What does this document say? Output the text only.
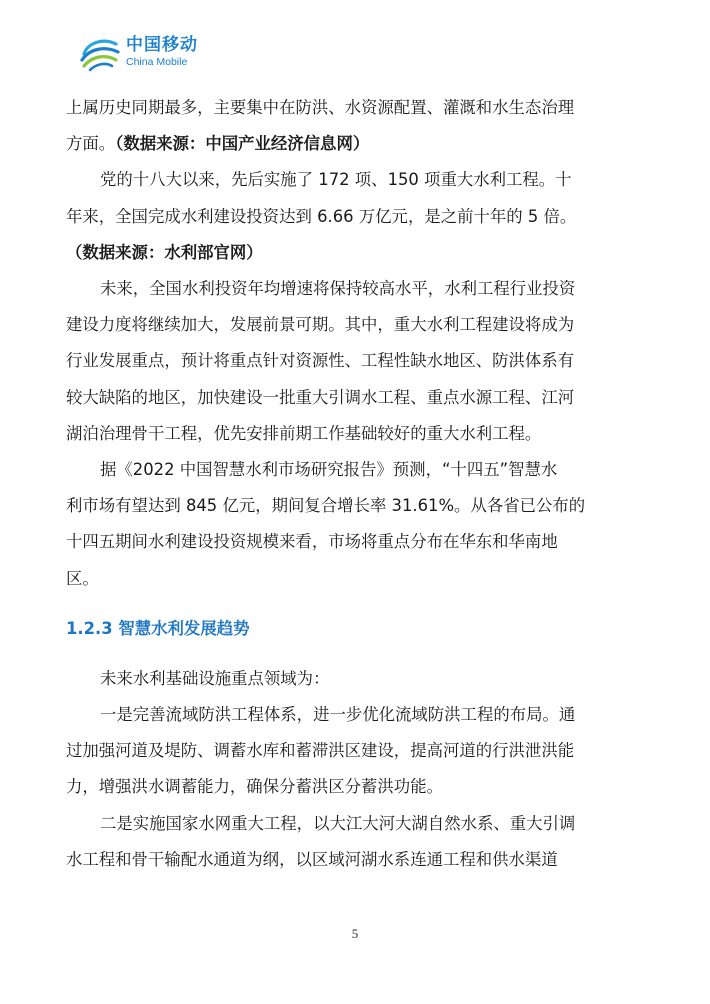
中国移动
China Mobile

上属历史同期最多，主要集中在防洪、水资源配置、灌溉和水生态治理

方面。（数据来源：中国产业经济信息网）

党的十八大以来，先后实施了 172 项、150 项重大水利工程。十

年来，全国完成水利建设投资达到 6.66 万亿元，是之前十年的 5 倍。

（数据来源：水利部官网）

未来，全国水利投资年均增速将保持较高水平，水利工程行业投资

建设力度将继续加大，发展前景可期。其中，重大水利工程建设将成为

行业发展重点，预计将重点针对资源性、工程性缺水地区、防洪体系有

较大缺陷的地区，加快建设一批重大引调水工程、重点水源工程、江河

湖泊治理骨干工程，优先安排前期工作基础较好的重大水利工程。

据《2022 中国智慧水利市场研究报告》预测，“十四五”智慧水

利市场有望达到 845 亿元，期间复合增长率 31.61%。从各省已公布的

十四五期间水利建设投资规模来看，市场将重点分布在华东和华南地

区。

1.2.3 智慧水利发展趋势

未来水利基础设施重点领域为：

一是完善流域防洪工程体系，进一步优化流域防洪工程的布局。通

过加强河道及堤防、调蓄水库和蓄滞洪区建设，提高河道的行洪泄洪能

力，增强洪水调蓄能力，确保分蓄洪区分蓄洪功能。

二是实施国家水网重大工程，以大江大河大湖自然水系、重大引调

水工程和骨干输配水通道为纲，以区域河湖水系连通工程和供水渠道

5
